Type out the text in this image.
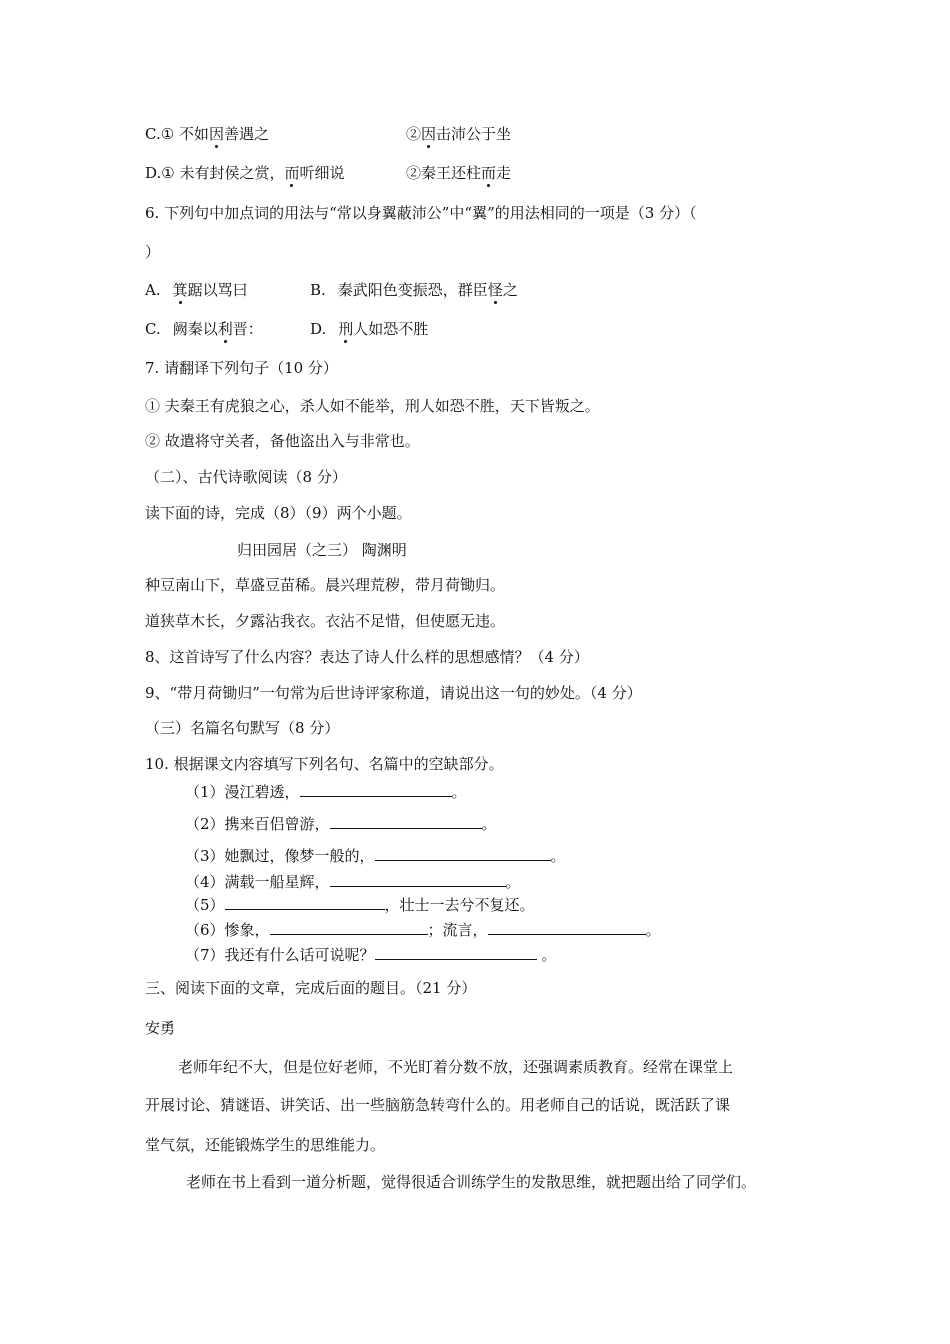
C.① 不如因善遇之	②因击沛公于坐
D.① 未有封侯之赏，而听细说	②秦王还柱而走
6. 下列句中加点词的用法与“常以身翼蔽沛公”中“翼”的用法相同的一项是（3 分）（
）
A. 箕踞以骂曰	B. 秦武阳色变振恐，群臣怪之
C. 阙秦以利晋：	D. 刑人如恐不胜
7. 请翻译下列句子（10 分）
① 夫秦王有虎狼之心，杀人如不能举，刑人如恐不胜，天下皆叛之。
② 故遣将守关者，备他盗出入与非常也。
（二）、古代诗歌阅读（8 分）
读下面的诗，完成（8）（9）两个小题。
归田园居（之三） 陶渊明
种豆南山下，草盛豆苗稀。晨兴理荒秽，带月荷锄归。
道狭草木长，夕露沾我衣。衣沾不足惜，但使愿无违。
8、这首诗写了什么内容？表达了诗人什么样的思想感情？（4 分）
9、“带月荷锄归”一句常为后世诗评家称道，请说出这一句的妙处。（4 分）
（三）名篇名句默写（8 分）
10. 根据课文内容填写下列名句、名篇中的空缺部分。
（1）漫江碧透，	。
（2）携来百侣曾游，	。
（3）她飘过，像梦一般的，	。
（4）满载一船星辉，	。
（5）	，壮士一去兮不复还。
（6）惨象，	；流言，	。
（7）我还有什么话可说呢？	。
三、阅读下面的文章，完成后面的题目。（21 分）
安勇
老师年纪不大，但是位好老师，不光盯着分数不放，还强调素质教育。经常在课堂上
开展讨论、猜谜语、讲笑话、出一些脑筋急转弯什么的。用老师自己的话说，既活跃了课
堂气氛，还能锻炼学生的思维能力。
老师在书上看到一道分析题，觉得很适合训练学生的发散思维，就把题出给了同学们。
